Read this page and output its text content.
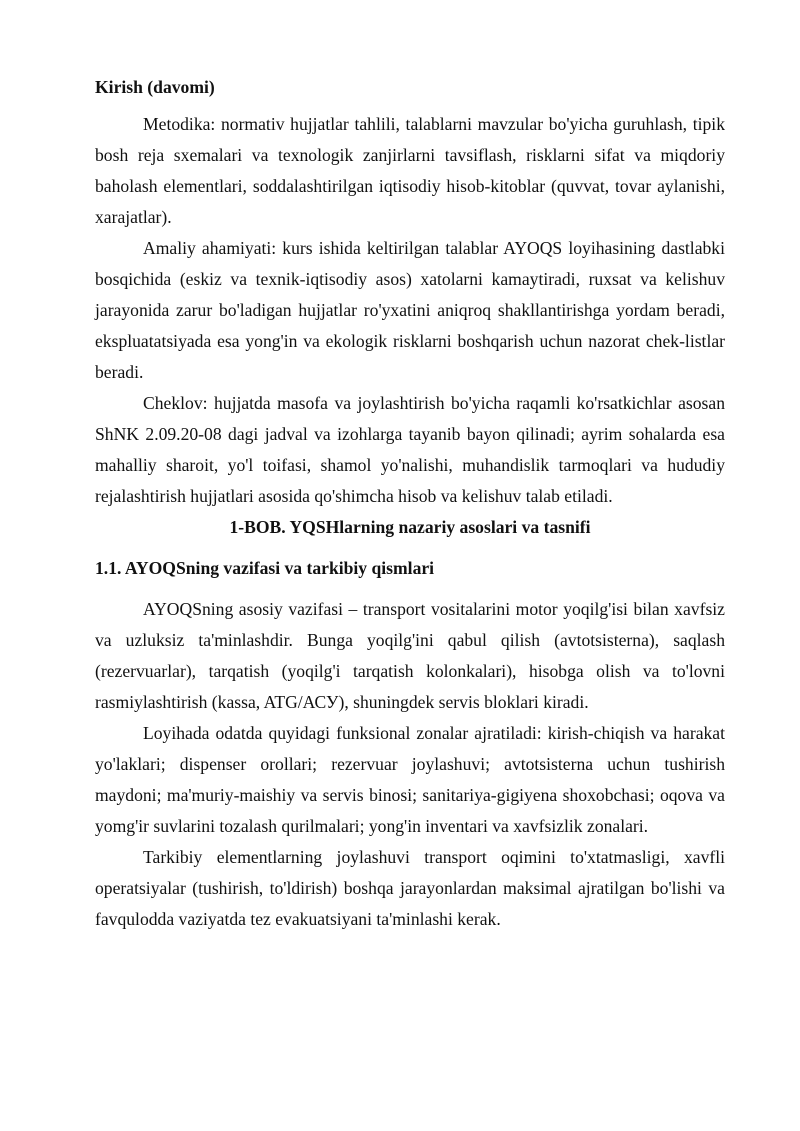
Kirish (davomi)

Metodika: normativ hujjatlar tahlili, talablarni mavzular bo'yicha guruhlash, tipik bosh reja sxemalari va texnologik zanjirlarni tavsiflash, risklarni sifat va miqdoriy baholash elementlari, soddalashtirilgan iqtisodiy hisob-kitoblar (quvvat, tovar aylanishi, xarajatlar).

Amaliy ahamiyati: kurs ishida keltirilgan talablar AYOQS loyihasining dastlabki bosqichida (eskiz va texnik-iqtisodiy asos) xatolarni kamaytiradi, ruxsat va kelishuv jarayonida zarur bo'ladigan hujjatlar ro'yxatini aniqroq shakllantirishga yordam beradi, ekspluatatsiyada esa yong'in va ekologik risklarni boshqarish uchun nazorat chek-listlar beradi.

Cheklov: hujjatda masofa va joylashtirish bo'yicha raqamli ko'rsatkichlar asosan ShNK 2.09.20-08 dagi jadval va izohlarga tayanib bayon qilinadi; ayrim sohalarda esa mahalliy sharoit, yo'l toifasi, shamol yo'nalishi, muhandislik tarmoqlari va hududiy rejalashtirish hujjatlari asosida qo'shimcha hisob va kelishuv talab etiladi.

1-BOB. YQSHlarning nazariy asoslari va tasnifi
1.1. AYOQSning vazifasi va tarkibiy qismlari

AYOQSning asosiy vazifasi – transport vositalarini motor yoqilg'isi bilan xavfsiz va uzluksiz ta'minlashdir. Bunga yoqilg'ini qabul qilish (avtotsisterna), saqlash (rezervuarlar), tarqatish (yoqilg'i tarqatish kolonkalari), hisobga olish va to'lovni rasmiylashtirish (kassa, ATG/АСУ), shuningdek servis bloklari kiradi.

Loyihada odatda quyidagi funksional zonalar ajratiladi: kirish-chiqish va harakat yo'laklari; dispenser orollari; rezervuar joylashuvi; avtotsisterna uchun tushirish maydoni; ma'muriy-maishiy va servis binosi; sanitariya-gigiyena shoxobchasi; oqova va yomg'ir suvlarini tozalash qurilmalari; yong'in inventari va xavfsizlik zonalari.

Tarkibiy elementlarning joylashuvi transport oqimini to'xtatmasligi, xavfli operatsiyalar (tushirish, to'ldirish) boshqa jarayonlardan maksimal ajratilgan bo'lishi va favqulodda vaziyatda tez evakuatsiyani ta'minlashi kerak.
